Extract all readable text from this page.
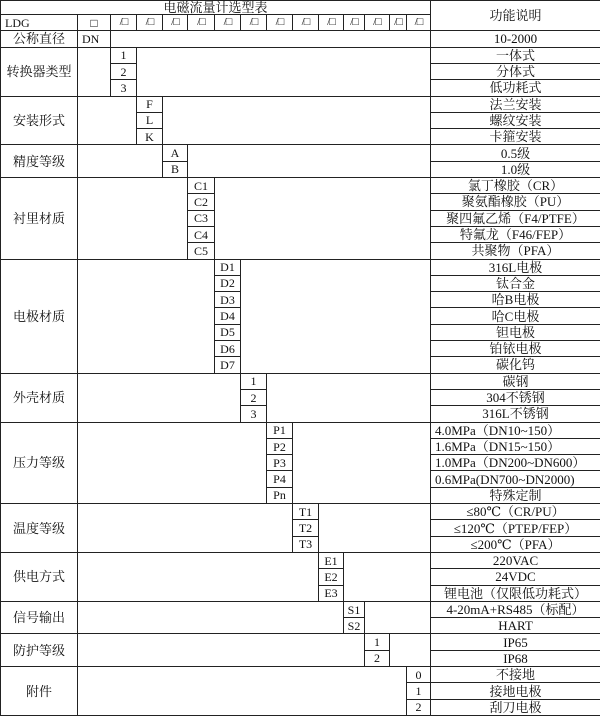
电磁流量计选型表
功能说明
LDG	□	/□	/□	/□	/□	/□	/□	/□	/□	/□	/□	/□	/□	/□
公称直径	DN	10-2000
转换器类型
1	一体式
2	分体式
3	低功耗式
安装形式
F	法兰安装
L	螺纹安装
K	卡箍安装
精度等级
A	0.5级
B	1.0级
衬里材质
C1	氯丁橡胶（CR）
C2	聚氨酯橡胶（PU）
C3	聚四氟乙烯（F4/PTFE）
C4	特氟龙（F46/FEP）
C5	共聚物（PFA）
电极材质
D1	316L电极
D2	钛合金
D3	哈B电极
D4	哈C电极
D5	钽电极
D6	铂铱电极
D7	碳化钨
外壳材质
1	碳钢
2	304不锈钢
3	316L不锈钢
压力等级
P1	4.0MPa（DN10~150）
P2	1.6MPa（DN15~150）
P3	1.0MPa（DN200~DN600）
P4	0.6MPa(DN700~DN2000)
Pn	特殊定制
温度等级
T1	≤80℃（CR/PU）
T2	≤120℃（PTEP/FEP）
T3	≤200℃（PFA）
供电方式
E1	220VAC
E2	24VDC
E3	锂电池（仅限低功耗式）
信号输出
S1	4-20mA+RS485（标配）
S2	HART
防护等级
1	IP65
2	IP68
附件
0	不接地
1	接地电极
2	刮刀电极
